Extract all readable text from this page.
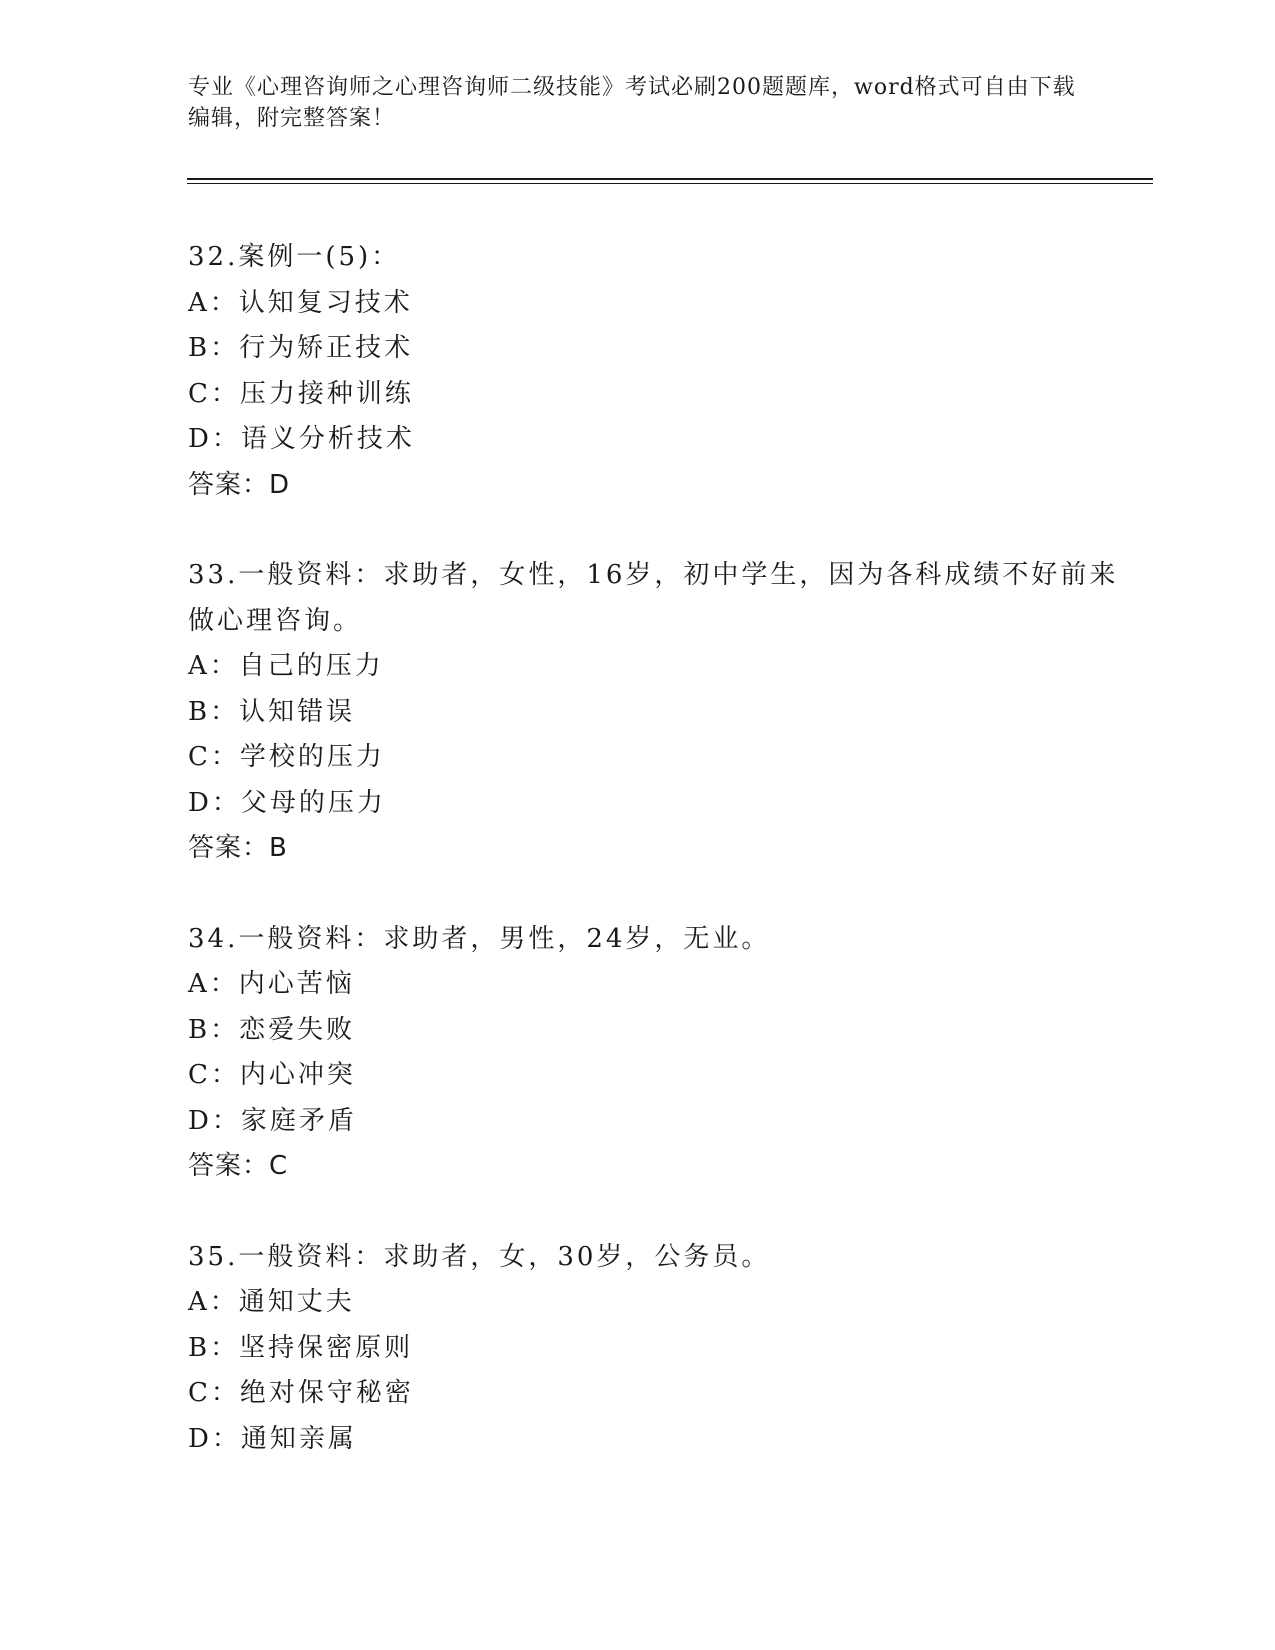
专业《心理咨询师之心理咨询师二级技能》考试必刷200题题库，word格式可自由下载编辑，附完整答案！
32.案例一(5)：
A：认知复习技术
B：行为矫正技术
C：压力接种训练
D：语义分析技术
答案：D
33.一般资料：求助者，女性，16岁，初中学生，因为各科成绩不好前来做心理咨询。
A：自己的压力
B：认知错误
C：学校的压力
D：父母的压力
答案：B
34.一般资料：求助者，男性，24岁，无业。
A：内心苦恼
B：恋爱失败
C：内心冲突
D：家庭矛盾
答案：C
35.一般资料：求助者，女，30岁，公务员。
A：通知丈夫
B：坚持保密原则
C：绝对保守秘密
D：通知亲属
